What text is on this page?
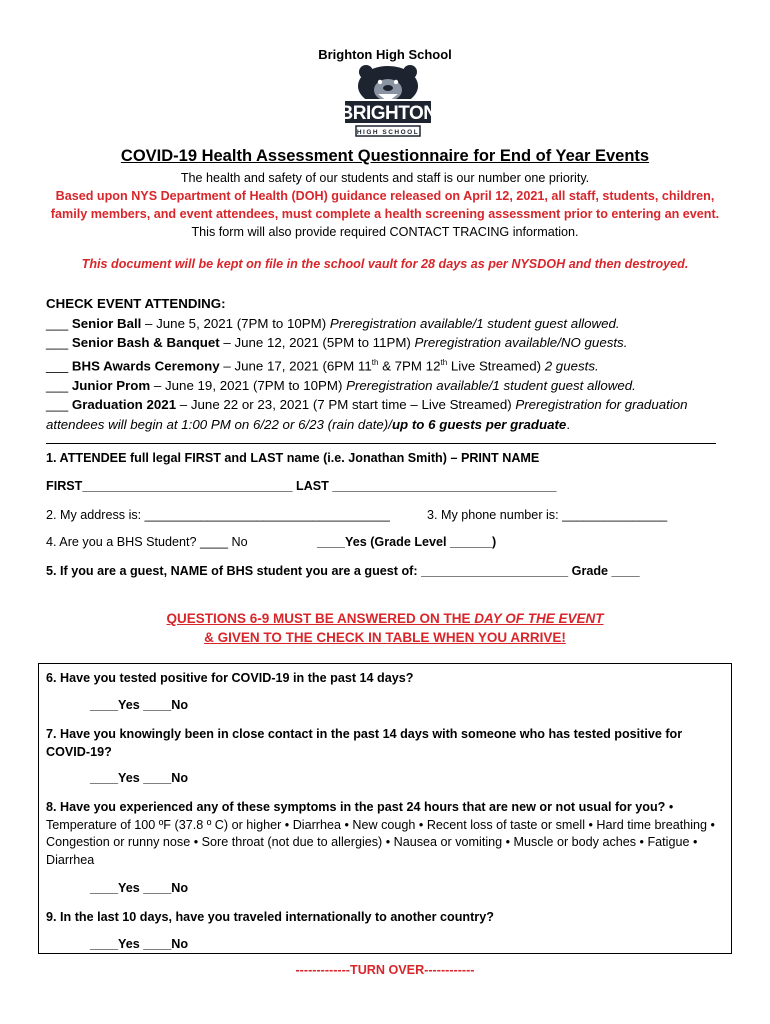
Brighton High School
BRIGHTON
HIGH SCHOOL
COVID-19 Health Assessment Questionnaire for End of Year Events
The health and safety of our students and staff is our number one priority.
Based upon NYS Department of Health (DOH) guidance released on April 12, 2021, all staff, students, children, family members, and event attendees, must complete a health screening assessment prior to entering an event. This form will also provide required CONTACT TRACING information.
This document will be kept on file in the school vault for 28 days as per NYSDOH and then destroyed.
CHECK EVENT ATTENDING:
___ Senior Ball – June 5, 2021 (7PM to 10PM) Preregistration available/1 student guest allowed.
___ Senior Bash & Banquet – June 12, 2021 (5PM to 11PM) Preregistration available/NO guests.
___ BHS Awards Ceremony – June 17, 2021 (6PM 11th & 7PM 12th Live Streamed) 2 guests.
___ Junior Prom – June 19, 2021 (7PM to 10PM) Preregistration available/1 student guest allowed.
___ Graduation 2021 – June 22 or 23, 2021 (7 PM start time – Live Streamed) Preregistration for graduation attendees will begin at 1:00 PM on 6/22 or 6/23 (rain date)/up to 6 guests per graduate.
1. ATTENDEE full legal FIRST and LAST name (i.e. Jonathan Smith) – PRINT NAME
FIRST______________________________ LAST ________________________________
2. My address is: ___________________________________	3. My phone number is: _______________
4. Are you a BHS Student? ____ No	____Yes (Grade Level ______)
5. If you are a guest, NAME of BHS student you are a guest of: _____________________ Grade ____
QUESTIONS 6-9 MUST BE ANSWERED ON THE DAY OF THE EVENT
& GIVEN TO THE CHECK IN TABLE WHEN YOU ARRIVE!
6. Have you tested positive for COVID-19 in the past 14 days?
____Yes ____No
7. Have you knowingly been in close contact in the past 14 days with someone who has tested positive for COVID-19?
____Yes ____No
8. Have you experienced any of these symptoms in the past 24 hours that are new or not usual for you? • Temperature of 100 ºF (37.8 º C) or higher • Diarrhea • New cough • Recent loss of taste or smell • Hard time breathing • Congestion or runny nose • Sore throat (not due to allergies) • Nausea or vomiting • Muscle or body aches • Fatigue • Diarrhea
____Yes ____No
9. In the last 10 days, have you traveled internationally to another country?
____Yes ____No
-------------TURN OVER------------
